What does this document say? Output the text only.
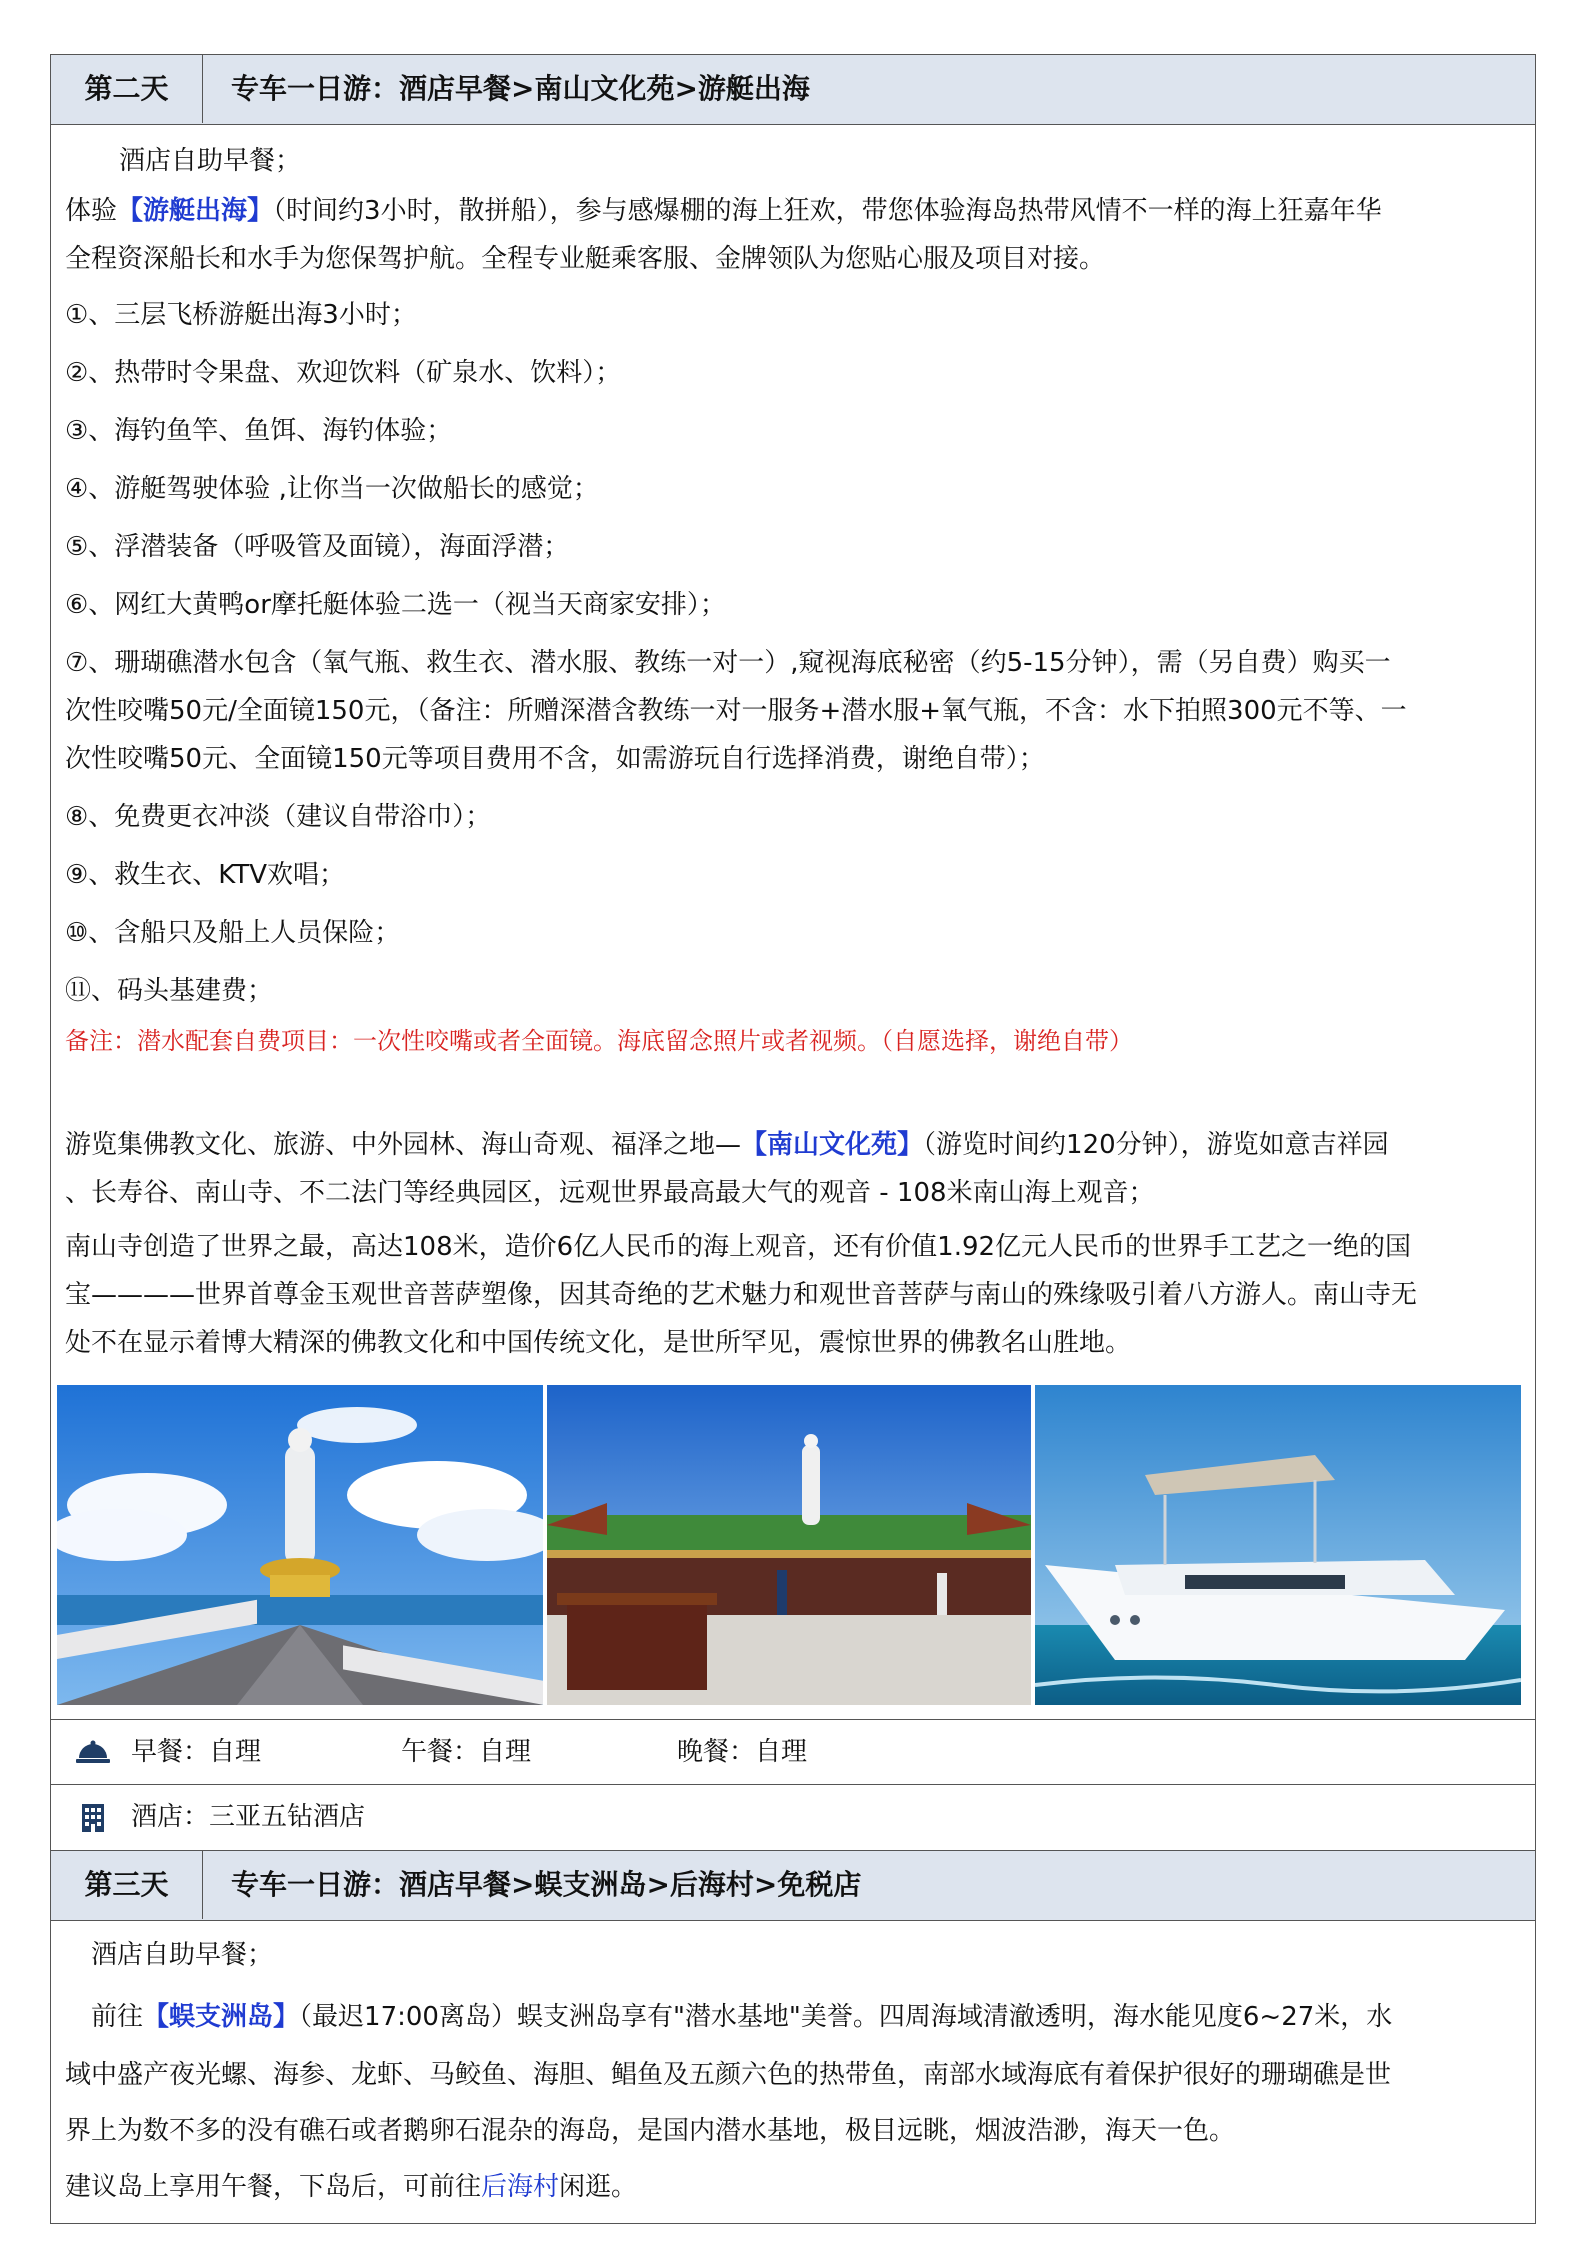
第二天	专车一日游：酒店早餐>南山文化苑>游艇出海
酒店自助早餐；
体验【游艇出海】（时间约3小时，散拼船），参与感爆棚的海上狂欢，带您体验海岛热带风情不一样的海上狂嘉年华
全程资深船长和水手为您保驾护航。全程专业艇乘客服、金牌领队为您贴心服及项目对接。
①、三层飞桥游艇出海3小时；
②、热带时令果盘、欢迎饮料（矿泉水、饮料）；
③、海钓鱼竿、鱼饵、海钓体验；
④、游艇驾驶体验 ,让你当一次做船长的感觉；
⑤、浮潜装备（呼吸管及面镜），海面浮潜；
⑥、网红大黄鸭or摩托艇体验二选一（视当天商家安排）；
⑦、珊瑚礁潜水包含（氧气瓶、救生衣、潜水服、教练一对一）,窥视海底秘密（约5-15分钟），需（另自费）购买一
次性咬嘴50元/全面镜150元，（备注：所赠深潜含教练一对一服务+潜水服+氧气瓶，不含：水下拍照300元不等、一
次性咬嘴50元、全面镜150元等项目费用不含，如需游玩自行选择消费，谢绝自带）；
⑧、免费更衣冲淡（建议自带浴巾）；
⑨、救生衣、KTV欢唱；
⑩、含船只及船上人员保险；
⑪、码头基建费；
备注：潜水配套自费项目：一次性咬嘴或者全面镜。海底留念照片或者视频。（自愿选择，谢绝自带）
游览集佛教文化、旅游、中外园林、海山奇观、福泽之地—【南山文化苑】（游览时间约120分钟），游览如意吉祥园
、长寿谷、南山寺、不二法门等经典园区，远观世界最高最大气的观音 - 108米南山海上观音；
南山寺创造了世界之最，高达108米，造价6亿人民币的海上观音，还有价值1.92亿元人民币的世界手工艺之一绝的国
宝————世界首尊金玉观世音菩萨塑像，因其奇绝的艺术魅力和观世音菩萨与南山的殊缘吸引着八方游人。南山寺无
处不在显示着博大精深的佛教文化和中国传统文化，是世所罕见，震惊世界的佛教名山胜地。
早餐：自理	午餐：自理	晚餐：自理
酒店：三亚五钻酒店
第三天	专车一日游：酒店早餐>蜈支洲岛>后海村>免税店
酒店自助早餐；
前往【蜈支洲岛】（最迟17:00离岛）蜈支洲岛享有"潜水基地"美誉。四周海域清澈透明，海水能见度6~27米，水
域中盛产夜光螺、海参、龙虾、马鲛鱼、海胆、鲳鱼及五颜六色的热带鱼，南部水域海底有着保护很好的珊瑚礁是世
界上为数不多的没有礁石或者鹅卵石混杂的海岛，是国内潜水基地，极目远眺，烟波浩渺，海天一色。
建议岛上享用午餐，下岛后，可前往后海村闲逛。
